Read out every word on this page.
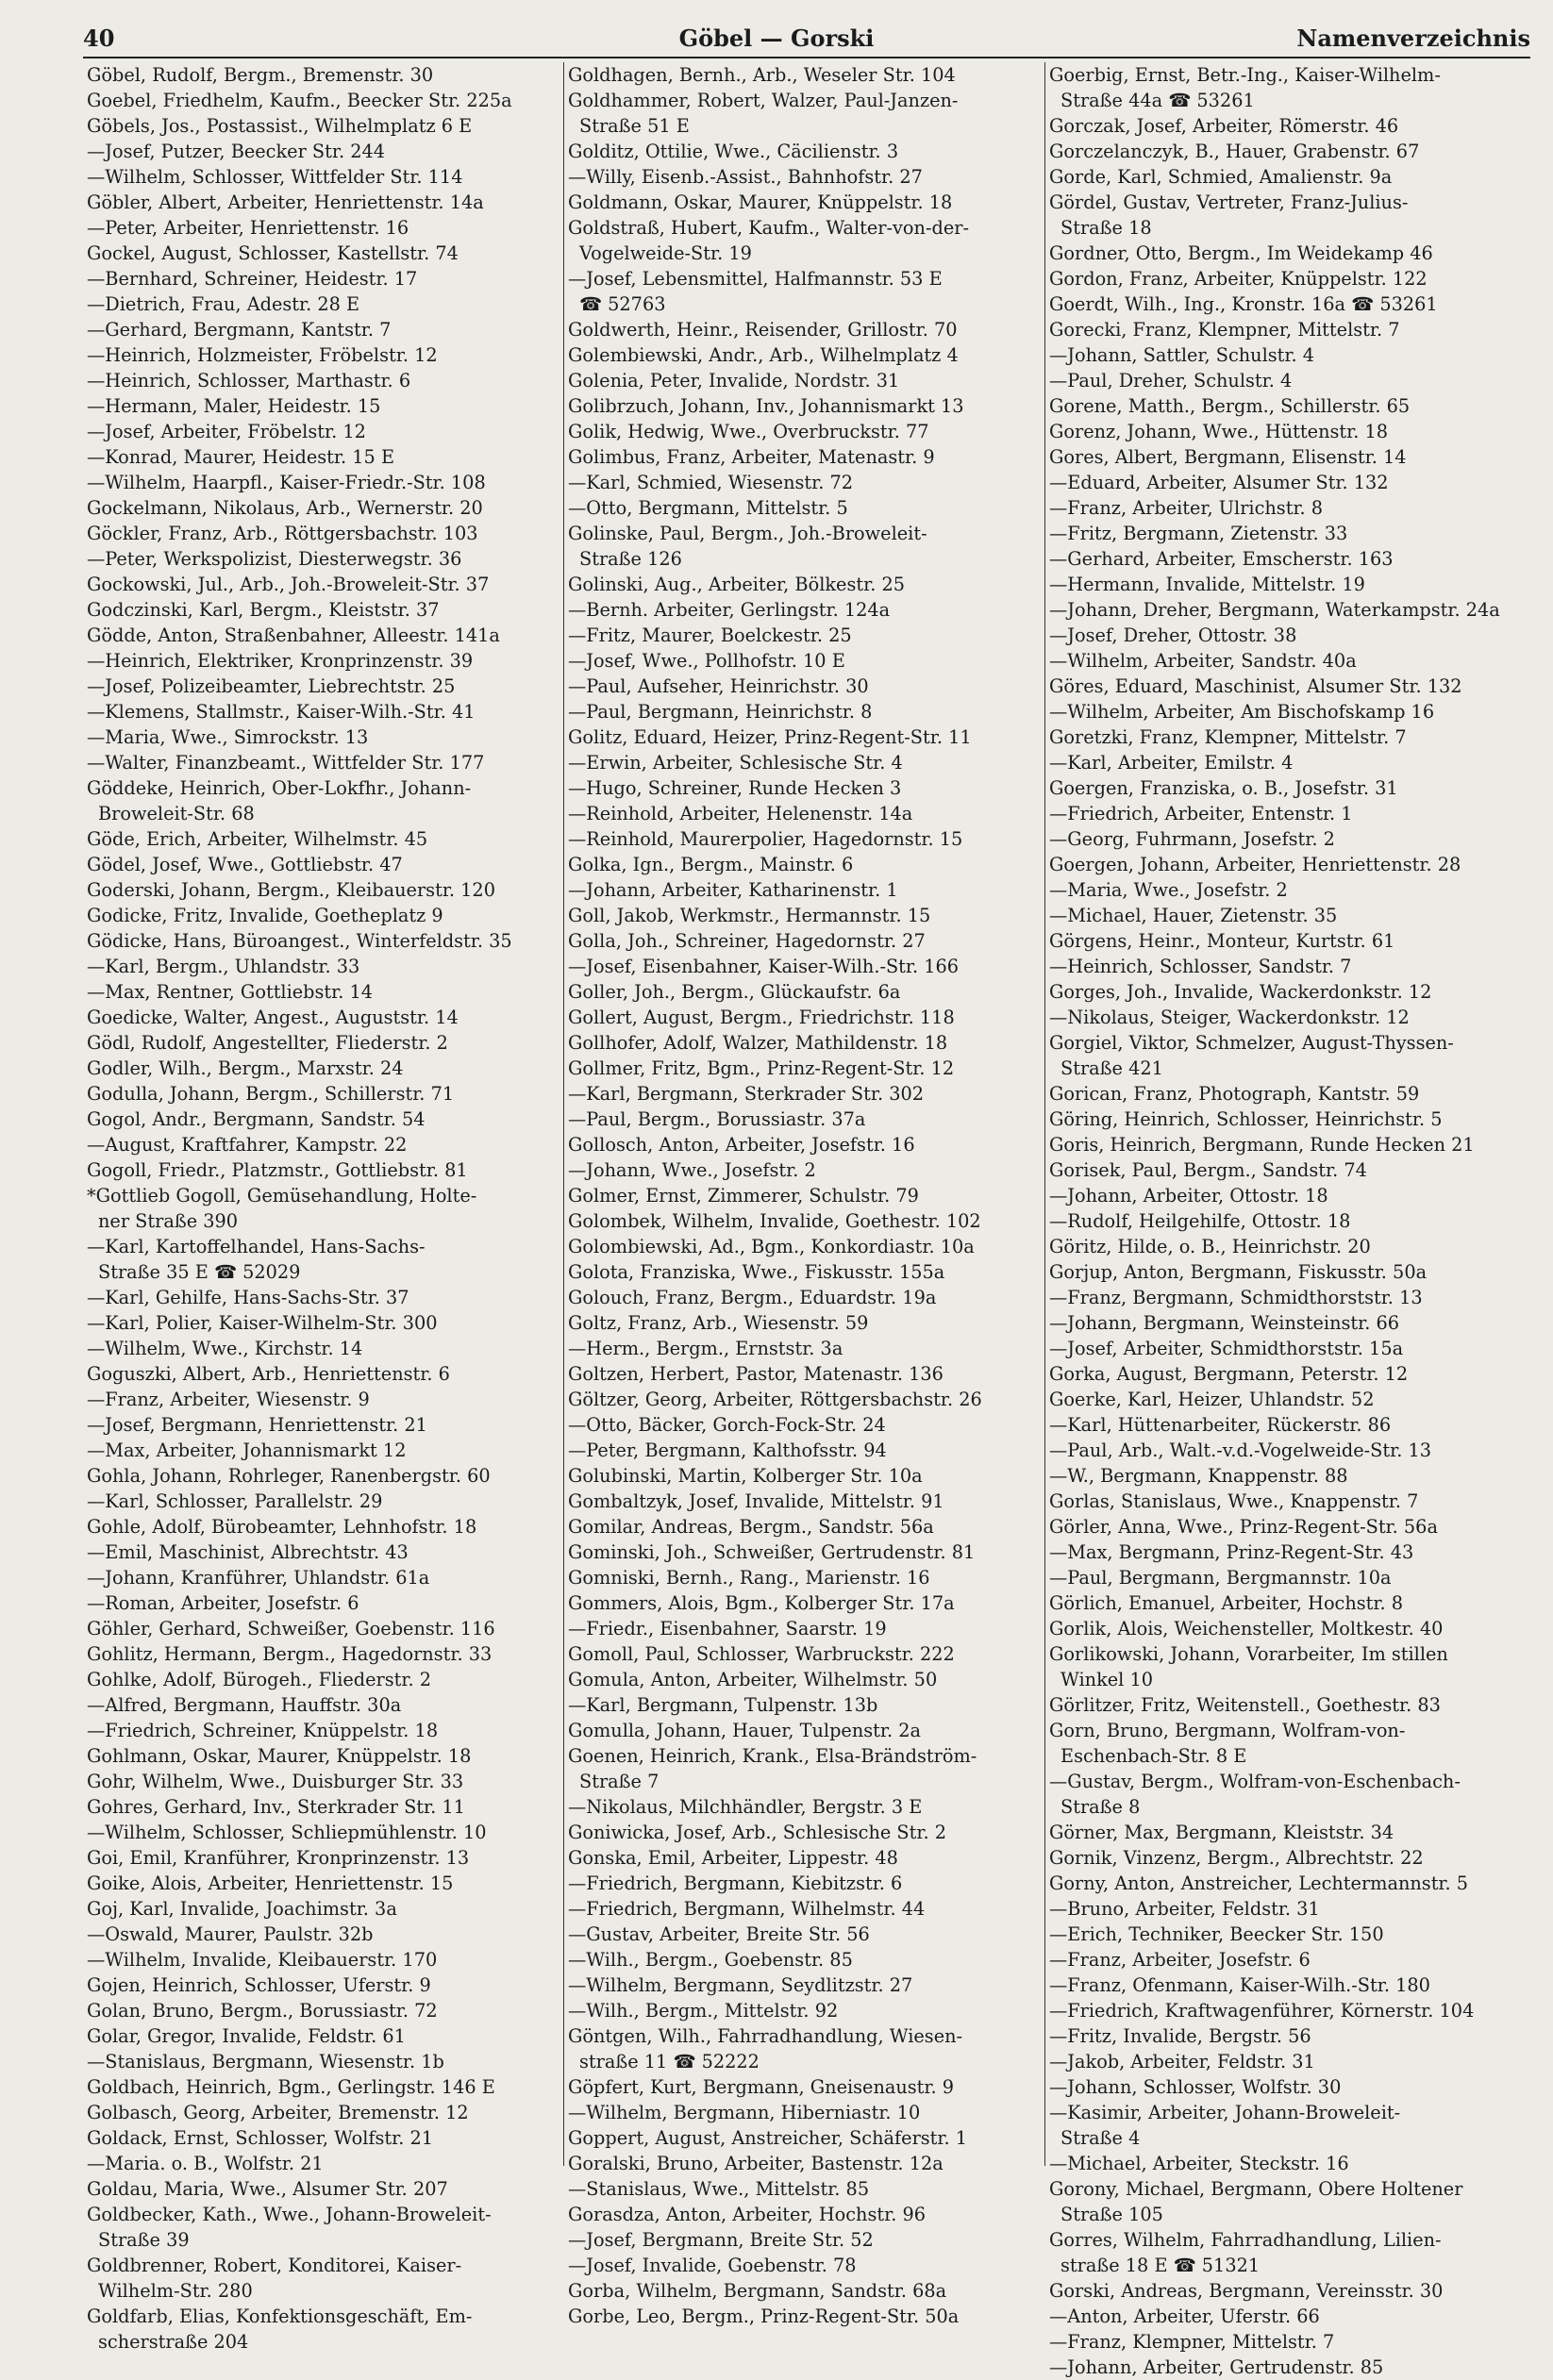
40	Göbel — Gorski	Namenverzeichnis
Göbel, Rudolf, Bergm., Bremenstr. 30
Goebel, Friedhelm, Kaufm., Beecker Str. 225a
Göbels, Jos., Postassist., Wilhelmplatz 6 E
—Josef, Putzer, Beecker Str. 244
—Wilhelm, Schlosser, Wittfelder Str. 114
Göbler, Albert, Arbeiter, Henriettenstr. 14a
—Peter, Arbeiter, Henriettenstr. 16
Gockel, August, Schlosser, Kastellstr. 74
—Bernhard, Schreiner, Heidestr. 17
—Dietrich, Frau, Adestr. 28 E
—Gerhard, Bergmann, Kantstr. 7
—Heinrich, Holzmeister, Fröbelstr. 12
—Heinrich, Schlosser, Marthastr. 6
—Hermann, Maler, Heidestr. 15
—Josef, Arbeiter, Fröbelstr. 12
—Konrad, Maurer, Heidestr. 15 E
—Wilhelm, Haarpfl., Kaiser-Friedr.-Str. 108
Gockelmann, Nikolaus, Arb., Wernerstr. 20
Göckler, Franz, Arb., Röttgersbachstr. 103
—Peter, Werkspolizist, Diesterwegstr. 36
Gockowski, Jul., Arb., Joh.-Broweleit-Str. 37
Godczinski, Karl, Bergm., Kleiststr. 37
Gödde, Anton, Straßenbahner, Alleestr. 141a
—Heinrich, Elektriker, Kronprinzenstr. 39
—Josef, Polizeibeamter, Liebrechtstr. 25
—Klemens, Stallmstr., Kaiser-Wilh.-Str. 41
—Maria, Wwe., Simrockstr. 13
—Walter, Finanzbeamt., Wittfelder Str. 177
Göddeke, Heinrich, Ober-Lokfhr., Johann-
Broweleit-Str. 68
Göde, Erich, Arbeiter, Wilhelmstr. 45
Gödel, Josef, Wwe., Gottliebstr. 47
Goderski, Johann, Bergm., Kleibauerstr. 120
Godicke, Fritz, Invalide, Goetheplatz 9
Gödicke, Hans, Büroangest., Winterfeldstr. 35
—Karl, Bergm., Uhlandstr. 33
—Max, Rentner, Gottliebstr. 14
Goedicke, Walter, Angest., Auguststr. 14
Gödl, Rudolf, Angestellter, Fliederstr. 2
Godler, Wilh., Bergm., Marxstr. 24
Godulla, Johann, Bergm., Schillerstr. 71
Gogol, Andr., Bergmann, Sandstr. 54
—August, Kraftfahrer, Kampstr. 22
Gogoll, Friedr., Platzmstr., Gottliebstr. 81
*Gottlieb Gogoll, Gemüsehandlung, Holte-
ner Straße 390
—Karl, Kartoffelhandel, Hans-Sachs-
Straße 35 E ☎ 52029
—Karl, Gehilfe, Hans-Sachs-Str. 37
—Karl, Polier, Kaiser-Wilhelm-Str. 300
—Wilhelm, Wwe., Kirchstr. 14
Goguszki, Albert, Arb., Henriettenstr. 6
—Franz, Arbeiter, Wiesenstr. 9
—Josef, Bergmann, Henriettenstr. 21
—Max, Arbeiter, Johannismarkt 12
Gohla, Johann, Rohrleger, Ranenbergstr. 60
—Karl, Schlosser, Parallelstr. 29
Gohle, Adolf, Bürobeamter, Lehnhofstr. 18
—Emil, Maschinist, Albrechtstr. 43
—Johann, Kranführer, Uhlandstr. 61a
—Roman, Arbeiter, Josefstr. 6
Göhler, Gerhard, Schweißer, Goebenstr. 116
Gohlitz, Hermann, Bergm., Hagedornstr. 33
Gohlke, Adolf, Bürogeh., Fliederstr. 2
—Alfred, Bergmann, Hauffstr. 30a
—Friedrich, Schreiner, Knüppelstr. 18
Gohlmann, Oskar, Maurer, Knüppelstr. 18
Gohr, Wilhelm, Wwe., Duisburger Str. 33
Gohres, Gerhard, Inv., Sterkrader Str. 11
—Wilhelm, Schlosser, Schliepmühlenstr. 10
Goi, Emil, Kranführer, Kronprinzenstr. 13
Goike, Alois, Arbeiter, Henriettenstr. 15
Goj, Karl, Invalide, Joachimstr. 3a
—Oswald, Maurer, Paulstr. 32b
—Wilhelm, Invalide, Kleibauerstr. 170
Gojen, Heinrich, Schlosser, Uferstr. 9
Golan, Bruno, Bergm., Borussiastr. 72
Golar, Gregor, Invalide, Feldstr. 61
—Stanislaus, Bergmann, Wiesenstr. 1b
Goldbach, Heinrich, Bgm., Gerlingstr. 146 E
Golbasch, Georg, Arbeiter, Bremenstr. 12
Goldack, Ernst, Schlosser, Wolfstr. 21
—Maria. o. B., Wolfstr. 21
Goldau, Maria, Wwe., Alsumer Str. 207
Goldbecker, Kath., Wwe., Johann-Broweleit-
Straße 39
Goldbrenner, Robert, Konditorei, Kaiser-
Wilhelm-Str. 280
Goldfarb, Elias, Konfektionsgeschäft, Em-
scherstraße 204
Goldhagen, Bernh., Arb., Weseler Str. 104
Goldhammer, Robert, Walzer, Paul-Janzen-
Straße 51 E
Golditz, Ottilie, Wwe., Cäcilienstr. 3
—Willy, Eisenb.-Assist., Bahnhofstr. 27
Goldmann, Oskar, Maurer, Knüppelstr. 18
Goldstraß, Hubert, Kaufm., Walter-von-der-
Vogelweide-Str. 19
—Josef, Lebensmittel, Halfmannstr. 53 E
☎ 52763
Goldwerth, Heinr., Reisender, Grillostr. 70
Golembiewski, Andr., Arb., Wilhelmplatz 4
Golenia, Peter, Invalide, Nordstr. 31
Golibrzuch, Johann, Inv., Johannismarkt 13
Golik, Hedwig, Wwe., Overbruckstr. 77
Golimbus, Franz, Arbeiter, Matenastr. 9
—Karl, Schmied, Wiesenstr. 72
—Otto, Bergmann, Mittelstr. 5
Golinske, Paul, Bergm., Joh.-Broweleit-
Straße 126
Golinski, Aug., Arbeiter, Bölkestr. 25
—Bernh. Arbeiter, Gerlingstr. 124a
—Fritz, Maurer, Boelckestr. 25
—Josef, Wwe., Pollhofstr. 10 E
—Paul, Aufseher, Heinrichstr. 30
—Paul, Bergmann, Heinrichstr. 8
Golitz, Eduard, Heizer, Prinz-Regent-Str. 11
—Erwin, Arbeiter, Schlesische Str. 4
—Hugo, Schreiner, Runde Hecken 3
—Reinhold, Arbeiter, Helenenstr. 14a
—Reinhold, Maurerpolier, Hagedornstr. 15
Golka, Ign., Bergm., Mainstr. 6
—Johann, Arbeiter, Katharinenstr. 1
Goll, Jakob, Werkmstr., Hermannstr. 15
Golla, Joh., Schreiner, Hagedornstr. 27
—Josef, Eisenbahner, Kaiser-Wilh.-Str. 166
Goller, Joh., Bergm., Glückaufstr. 6a
Gollert, August, Bergm., Friedrichstr. 118
Gollhofer, Adolf, Walzer, Mathildenstr. 18
Gollmer, Fritz, Bgm., Prinz-Regent-Str. 12
—Karl, Bergmann, Sterkrader Str. 302
—Paul, Bergm., Borussiastr. 37a
Gollosch, Anton, Arbeiter, Josefstr. 16
—Johann, Wwe., Josefstr. 2
Golmer, Ernst, Zimmerer, Schulstr. 79
Golombek, Wilhelm, Invalide, Goethestr. 102
Golombiewski, Ad., Bgm., Konkordiastr. 10a
Golota, Franziska, Wwe., Fiskusstr. 155a
Golouch, Franz, Bergm., Eduardstr. 19a
Goltz, Franz, Arb., Wiesenstr. 59
—Herm., Bergm., Ernststr. 3a
Goltzen, Herbert, Pastor, Matenastr. 136
Göltzer, Georg, Arbeiter, Röttgersbachstr. 26
—Otto, Bäcker, Gorch-Fock-Str. 24
—Peter, Bergmann, Kalthofsstr. 94
Golubinski, Martin, Kolberger Str. 10a
Gombaltzyk, Josef, Invalide, Mittelstr. 91
Gomilar, Andreas, Bergm., Sandstr. 56a
Gominski, Joh., Schweißer, Gertrudenstr. 81
Gomniski, Bernh., Rang., Marienstr. 16
Gommers, Alois, Bgm., Kolberger Str. 17a
—Friedr., Eisenbahner, Saarstr. 19
Gomoll, Paul, Schlosser, Warbruckstr. 222
Gomula, Anton, Arbeiter, Wilhelmstr. 50
—Karl, Bergmann, Tulpenstr. 13b
Gomulla, Johann, Hauer, Tulpenstr. 2a
Goenen, Heinrich, Krank., Elsa-Brändström-
Straße 7
—Nikolaus, Milchhändler, Bergstr. 3 E
Goniwicka, Josef, Arb., Schlesische Str. 2
Gonska, Emil, Arbeiter, Lippestr. 48
—Friedrich, Bergmann, Kiebitzstr. 6
—Friedrich, Bergmann, Wilhelmstr. 44
—Gustav, Arbeiter, Breite Str. 56
—Wilh., Bergm., Goebenstr. 85
—Wilhelm, Bergmann, Seydlitzstr. 27
—Wilh., Bergm., Mittelstr. 92
Göntgen, Wilh., Fahrradhandlung, Wiesen-
straße 11 ☎ 52222
Göpfert, Kurt, Bergmann, Gneisenaustr. 9
—Wilhelm, Bergmann, Hiberniastr. 10
Goppert, August, Anstreicher, Schäferstr. 1
Goralski, Bruno, Arbeiter, Bastenstr. 12a
—Stanislaus, Wwe., Mittelstr. 85
Gorasdza, Anton, Arbeiter, Hochstr. 96
—Josef, Bergmann, Breite Str. 52
—Josef, Invalide, Goebenstr. 78
Gorba, Wilhelm, Bergmann, Sandstr. 68a
Gorbe, Leo, Bergm., Prinz-Regent-Str. 50a
Goerbig, Ernst, Betr.-Ing., Kaiser-Wilhelm-
Straße 44a ☎ 53261
Gorczak, Josef, Arbeiter, Römerstr. 46
Gorczelanczyk, B., Hauer, Grabenstr. 67
Gorde, Karl, Schmied, Amalienstr. 9a
Gördel, Gustav, Vertreter, Franz-Julius-
Straße 18
Gordner, Otto, Bergm., Im Weidekamp 46
Gordon, Franz, Arbeiter, Knüppelstr. 122
Goerdt, Wilh., Ing., Kronstr. 16a ☎ 53261
Gorecki, Franz, Klempner, Mittelstr. 7
—Johann, Sattler, Schulstr. 4
—Paul, Dreher, Schulstr. 4
Gorene, Matth., Bergm., Schillerstr. 65
Gorenz, Johann, Wwe., Hüttenstr. 18
Gores, Albert, Bergmann, Elisenstr. 14
—Eduard, Arbeiter, Alsumer Str. 132
—Franz, Arbeiter, Ulrichstr. 8
—Fritz, Bergmann, Zietenstr. 33
—Gerhard, Arbeiter, Emscherstr. 163
—Hermann, Invalide, Mittelstr. 19
—Johann, Dreher, Bergmann, Waterkampstr. 24a
—Josef, Dreher, Ottostr. 38
—Wilhelm, Arbeiter, Sandstr. 40a
Göres, Eduard, Maschinist, Alsumer Str. 132
—Wilhelm, Arbeiter, Am Bischofskamp 16
Goretzki, Franz, Klempner, Mittelstr. 7
—Karl, Arbeiter, Emilstr. 4
Goergen, Franziska, o. B., Josefstr. 31
—Friedrich, Arbeiter, Entenstr. 1
—Georg, Fuhrmann, Josefstr. 2
Goergen, Johann, Arbeiter, Henriettenstr. 28
—Maria, Wwe., Josefstr. 2
—Michael, Hauer, Zietenstr. 35
Görgens, Heinr., Monteur, Kurtstr. 61
—Heinrich, Schlosser, Sandstr. 7
Gorges, Joh., Invalide, Wackerdonkstr. 12
—Nikolaus, Steiger, Wackerdonkstr. 12
Gorgiel, Viktor, Schmelzer, August-Thyssen-
Straße 421
Gorican, Franz, Photograph, Kantstr. 59
Göring, Heinrich, Schlosser, Heinrichstr. 5
Goris, Heinrich, Bergmann, Runde Hecken 21
Gorisek, Paul, Bergm., Sandstr. 74
—Johann, Arbeiter, Ottostr. 18
—Rudolf, Heilgehilfe, Ottostr. 18
Göritz, Hilde, o. B., Heinrichstr. 20
Gorjup, Anton, Bergmann, Fiskusstr. 50a
—Franz, Bergmann, Schmidthorststr. 13
—Johann, Bergmann, Weinsteinstr. 66
—Josef, Arbeiter, Schmidthorststr. 15a
Gorka, August, Bergmann, Peterstr. 12
Goerke, Karl, Heizer, Uhlandstr. 52
—Karl, Hüttenarbeiter, Rückerstr. 86
—Paul, Arb., Walt.-v.d.-Vogelweide-Str. 13
—W., Bergmann, Knappenstr. 88
Gorlas, Stanislaus, Wwe., Knappenstr. 7
Görler, Anna, Wwe., Prinz-Regent-Str. 56a
—Max, Bergmann, Prinz-Regent-Str. 43
—Paul, Bergmann, Bergmannstr. 10a
Görlich, Emanuel, Arbeiter, Hochstr. 8
Gorlik, Alois, Weichensteller, Moltkestr. 40
Gorlikowski, Johann, Vorarbeiter, Im stillen
Winkel 10
Görlitzer, Fritz, Weitenstell., Goethestr. 83
Gorn, Bruno, Bergmann, Wolfram-von-
Eschenbach-Str. 8 E
—Gustav, Bergm., Wolfram-von-Eschenbach-
Straße 8
Görner, Max, Bergmann, Kleiststr. 34
Gornik, Vinzenz, Bergm., Albrechtstr. 22
Gorny, Anton, Anstreicher, Lechtermannstr. 5
—Bruno, Arbeiter, Feldstr. 31
—Erich, Techniker, Beecker Str. 150
—Franz, Arbeiter, Josefstr. 6
—Franz, Ofenmann, Kaiser-Wilh.-Str. 180
—Friedrich, Kraftwagenführer, Körnerstr. 104
—Fritz, Invalide, Bergstr. 56
—Jakob, Arbeiter, Feldstr. 31
—Johann, Schlosser, Wolfstr. 30
—Kasimir, Arbeiter, Johann-Broweleit-
Straße 4
—Michael, Arbeiter, Steckstr. 16
Gorony, Michael, Bergmann, Obere Holtener
Straße 105
Gorres, Wilhelm, Fahrradhandlung, Lilien-
straße 18 E ☎ 51321
Gorski, Andreas, Bergmann, Vereinsstr. 30
—Anton, Arbeiter, Uferstr. 66
—Franz, Klempner, Mittelstr. 7
—Johann, Arbeiter, Gertrudenstr. 85
